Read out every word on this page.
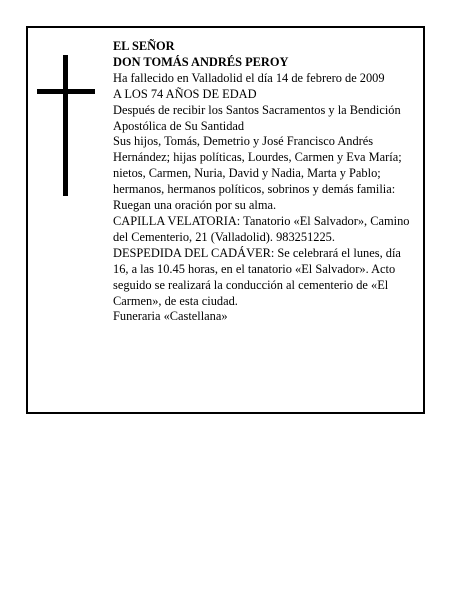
EL SEÑOR

DON TOMÁS ANDRÉS PEROY

Ha fallecido en Valladolid el día 14 de febrero de 2009

A LOS 74 AÑOS DE EDAD

Después de recibir los Santos Sacramentos y la Bendición Apostólica de Su Santidad

Sus hijos, Tomás, Demetrio y José Francisco Andrés Hernández; hijas políticas, Lourdes, Carmen y Eva María; nietos, Carmen, Nuria, David y Nadia, Marta y Pablo; hermanos, hermanos políticos, sobrinos y demás familia:

Ruegan una oración por su alma.

CAPILLA VELATORIA: Tanatorio «El Salvador», Camino del Cementerio, 21 (Valladolid). 983251225.

DESPEDIDA DEL CADÁVER: Se celebrará el lunes, día 16, a las 10.45 horas, en el tanatorio «El Salvador». Acto seguido se realizará la conducción al cementerio de «El Carmen», de esta ciudad.

Funeraria «Castellana»
